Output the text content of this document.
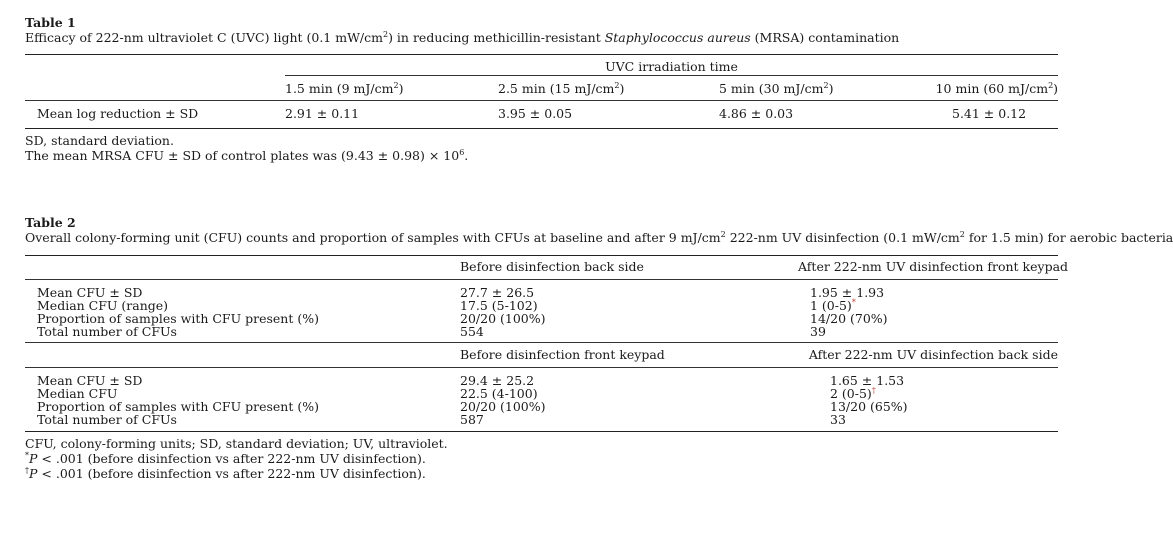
Table 1
Efficacy of 222-nm ultraviolet C (UVC) light (0.1 $mW/cm^2$) in reducing methicillin-resistant Staphylococcus aureus (MRSA) contamination
	UVC irradiation time			

	1.5 min (9 $mJ/cm^2$)	2.5 min (15 $mJ/cm^2$)	5 min (30 $mJ/cm^2$)	10 min (60 $mJ/cm^2$)

Mean log reduction ± SD	2.91 ± 0.11	3.95 ± 0.05	4.86 ± 0.03	5.41 ± 0.12
SD, standard deviation.
The mean MRSA CFU ± SD of control plates was $(9.43 \pm 0.98) \times 10^6$.
Table 2
Overall colony-forming unit (CFU) counts and proportion of samples with CFUs at baseline and after 9 $mJ/cm^2$ 222-nm UV disinfection (0.1 $mW/cm^2$ for 1.5 min) for aerobic bacteria
	Before disinfection back side	After 222-nm UV disinfection front keypad

Mean CFU ± SD	27.7 ± 26.5	1.95 ± 1.93
Median CFU (range)	17.5 (5-102)	1 (0-5)*
Proportion of samples with CFU present (%)	20/20 (100%)	14/20 (70%)
Total number of CFUs	554	39

	Before disinfection front keypad	After 222-nm UV disinfection back side

Mean CFU ± SD	29.4 ± 25.2	1.65 ± 1.53
Median CFU	22.5 (4-100)	2 (0-5)†
Proportion of samples with CFU present (%)	20/20 (100%)	13/20 (65%)
Total number of CFUs	587	33
CFU, colony-forming units; SD, standard deviation; UV, ultraviolet.
*P < .001 (before disinfection vs after 222-nm UV disinfection).
†P < .001 (before disinfection vs after 222-nm UV disinfection).
